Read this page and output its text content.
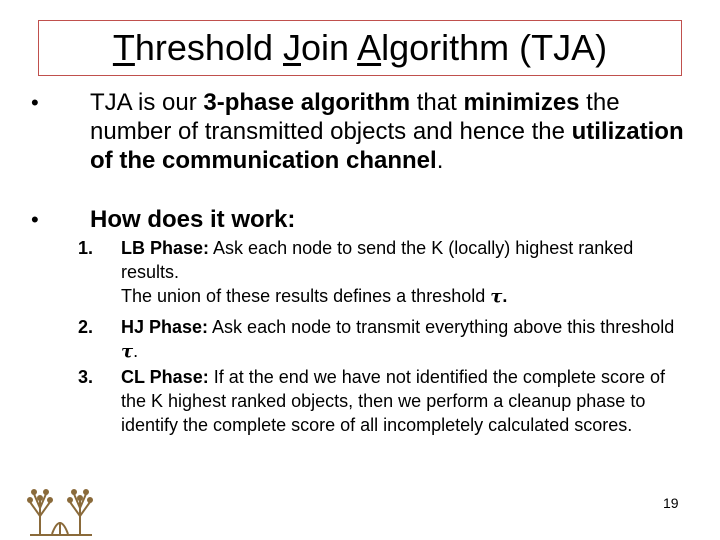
Threshold Join Algorithm (TJA)
• TJA is our 3-phase algorithm that minimizes the number of transmitted objects and hence the utilization of the communication channel.
• How does it work:
1. LB Phase: Ask each node to send the K (locally) highest ranked results.
The union of these results defines a threshold τ.
2. HJ Phase: Ask each node to transmit everything above this threshold τ.
3. CL Phase: If at the end we have not identified the complete score of the K highest ranked objects, then we perform a cleanup phase to identify the complete score of all incompletely calculated scores.
19
